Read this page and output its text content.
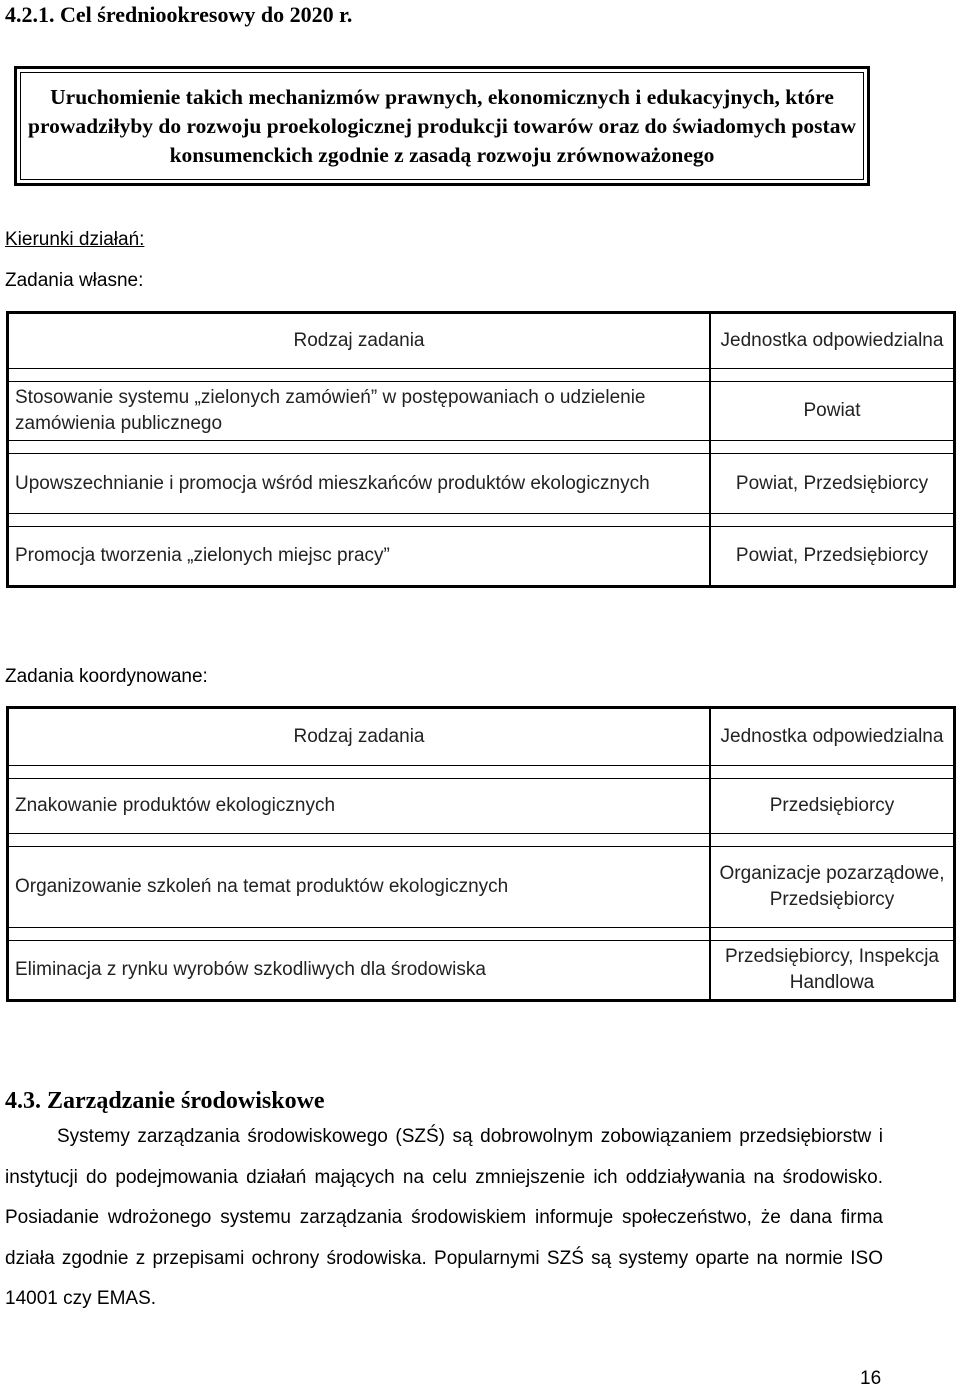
4.2.1. Cel średniookresowy do 2020 r.
Uruchomienie takich mechanizmów prawnych, ekonomicznych i edukacyjnych, które prowadziłyby do rozwoju proekologicznej produkcji towarów oraz do świadomych postaw konsumenckich zgodnie z zasadą rozwoju zrównoważonego
Kierunki działań:
Zadania własne:
Rodzaj zadania	Jednostka odpowiedzialna

Stosowanie systemu „zielonych zamówień” w postępowaniach o udzielenie zamówienia publicznego	Powiat

Upowszechnianie i promocja wśród mieszkańców produktów ekologicznych	Powiat, Przedsiębiorcy

Promocja tworzenia „zielonych miejsc pracy”	Powiat, Przedsiębiorcy
Zadania koordynowane:
Rodzaj zadania	Jednostka odpowiedzialna

Znakowanie produktów ekologicznych	Przedsiębiorcy

Organizowanie szkoleń na temat produktów ekologicznych	Organizacje pozarządowe, Przedsiębiorcy

Eliminacja z rynku wyrobów szkodliwych dla środowiska	Przedsiębiorcy, Inspekcja Handlowa
4.3. Zarządzanie środowiskowe
Systemy zarządzania środowiskowego (SZŚ) są dobrowolnym zobowiązaniem przedsiębiorstw i instytucji do podejmowania działań mających na celu zmniejszenie ich oddziaływania na środowisko. Posiadanie wdrożonego systemu zarządzania środowiskiem informuje społeczeństwo, że dana firma działa zgodnie z przepisami ochrony środowiska. Popularnymi SZŚ są systemy oparte na normie ISO 14001 czy EMAS.
16
